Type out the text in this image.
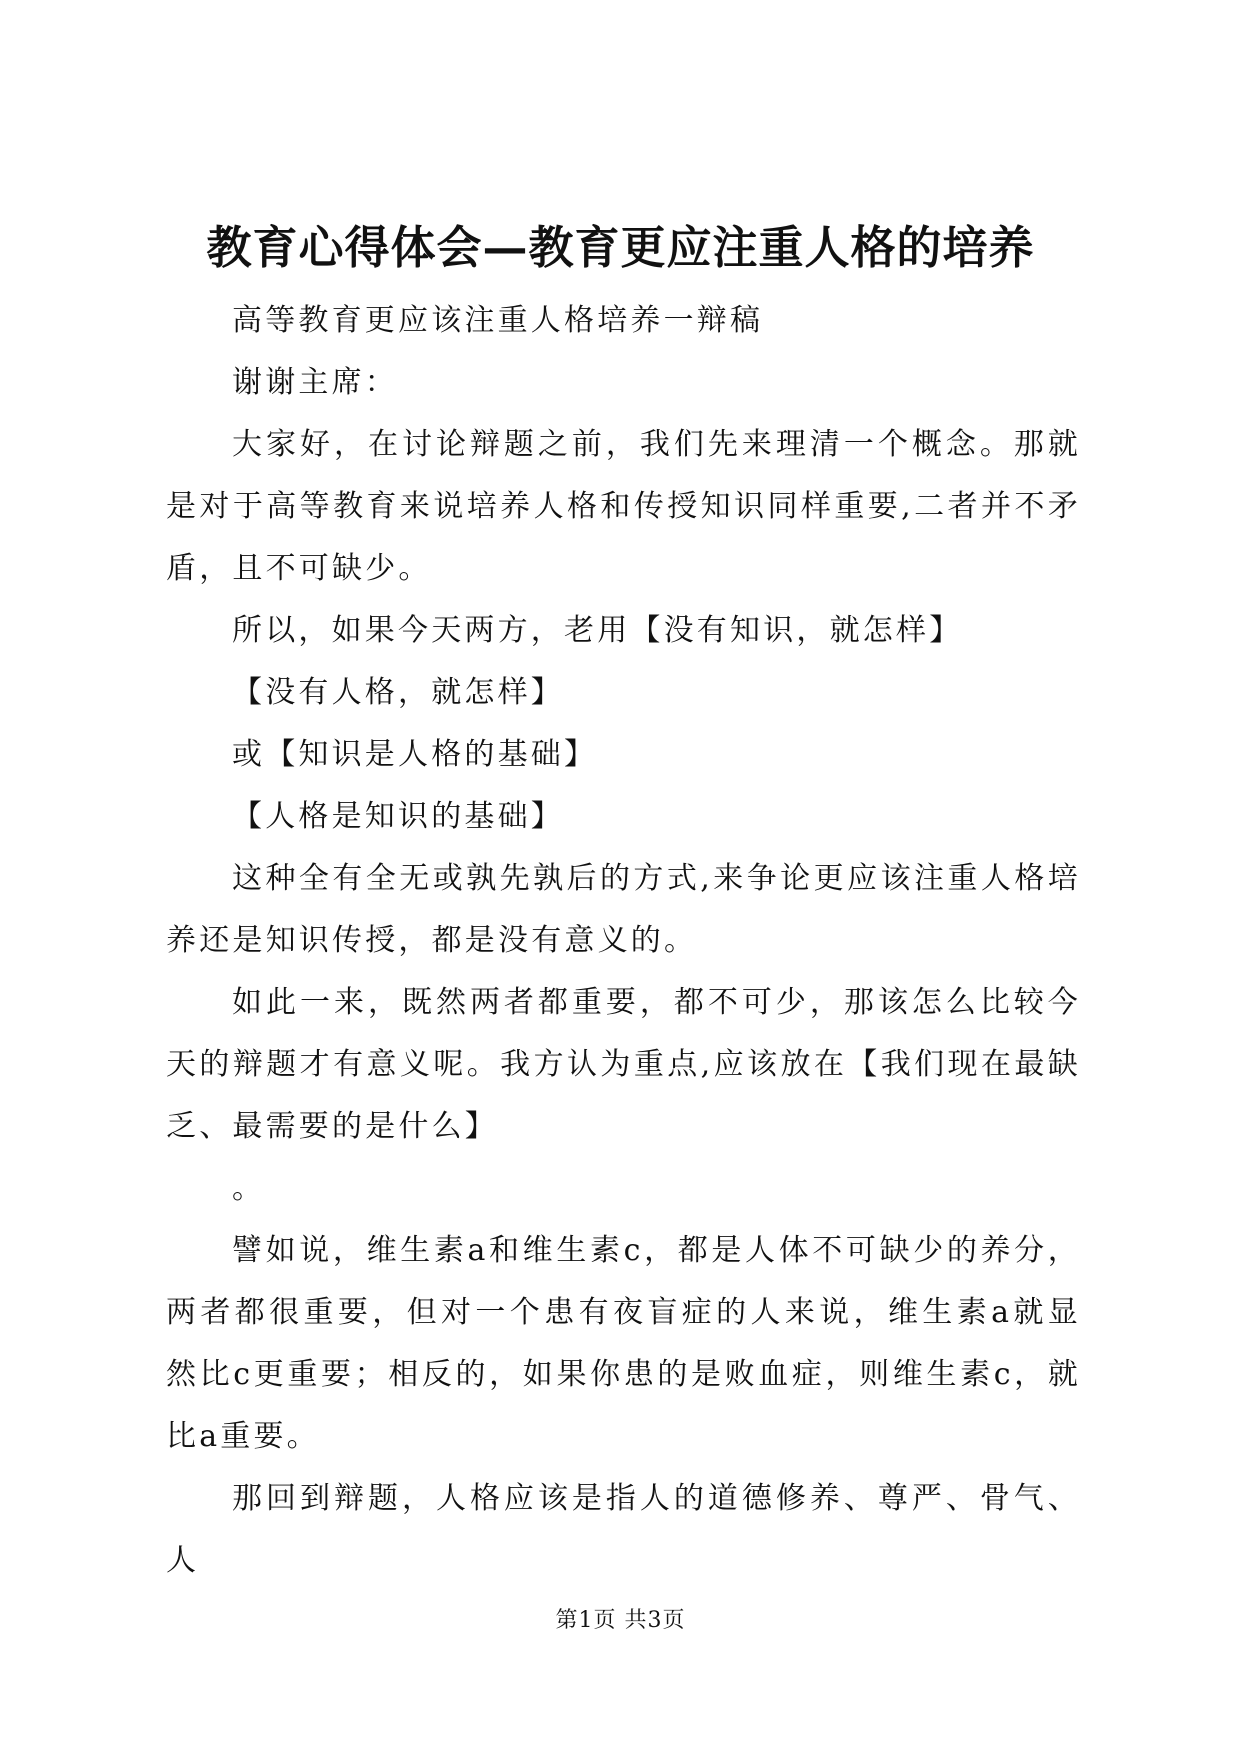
教育心得体会—教育更应注重人格的培养

高等教育更应该注重人格培养一辩稿

谢谢主席：

大家好，在讨论辩题之前，我们先来理清一个概念。那就是对于高等教育来说培养人格和传授知识同样重要,二者并不矛盾，且不可缺少。

所以，如果今天两方，老用【没有知识，就怎样】

【没有人格，就怎样】

或【知识是人格的基础】

【人格是知识的基础】

这种全有全无或孰先孰后的方式,来争论更应该注重人格培养还是知识传授，都是没有意义的。

如此一来，既然两者都重要，都不可少，那该怎么比较今天的辩题才有意义呢。我方认为重点,应该放在【我们现在最缺乏、最需要的是什么】

。

譬如说，维生素a和维生素c，都是人体不可缺少的养分，两者都很重要，但对一个患有夜盲症的人来说，维生素a就显然比c更重要；相反的，如果你患的是败血症，则维生素c，就比a重要。

那回到辩题，人格应该是指人的道德修养、尊严、骨气、人

第1页 共3页
